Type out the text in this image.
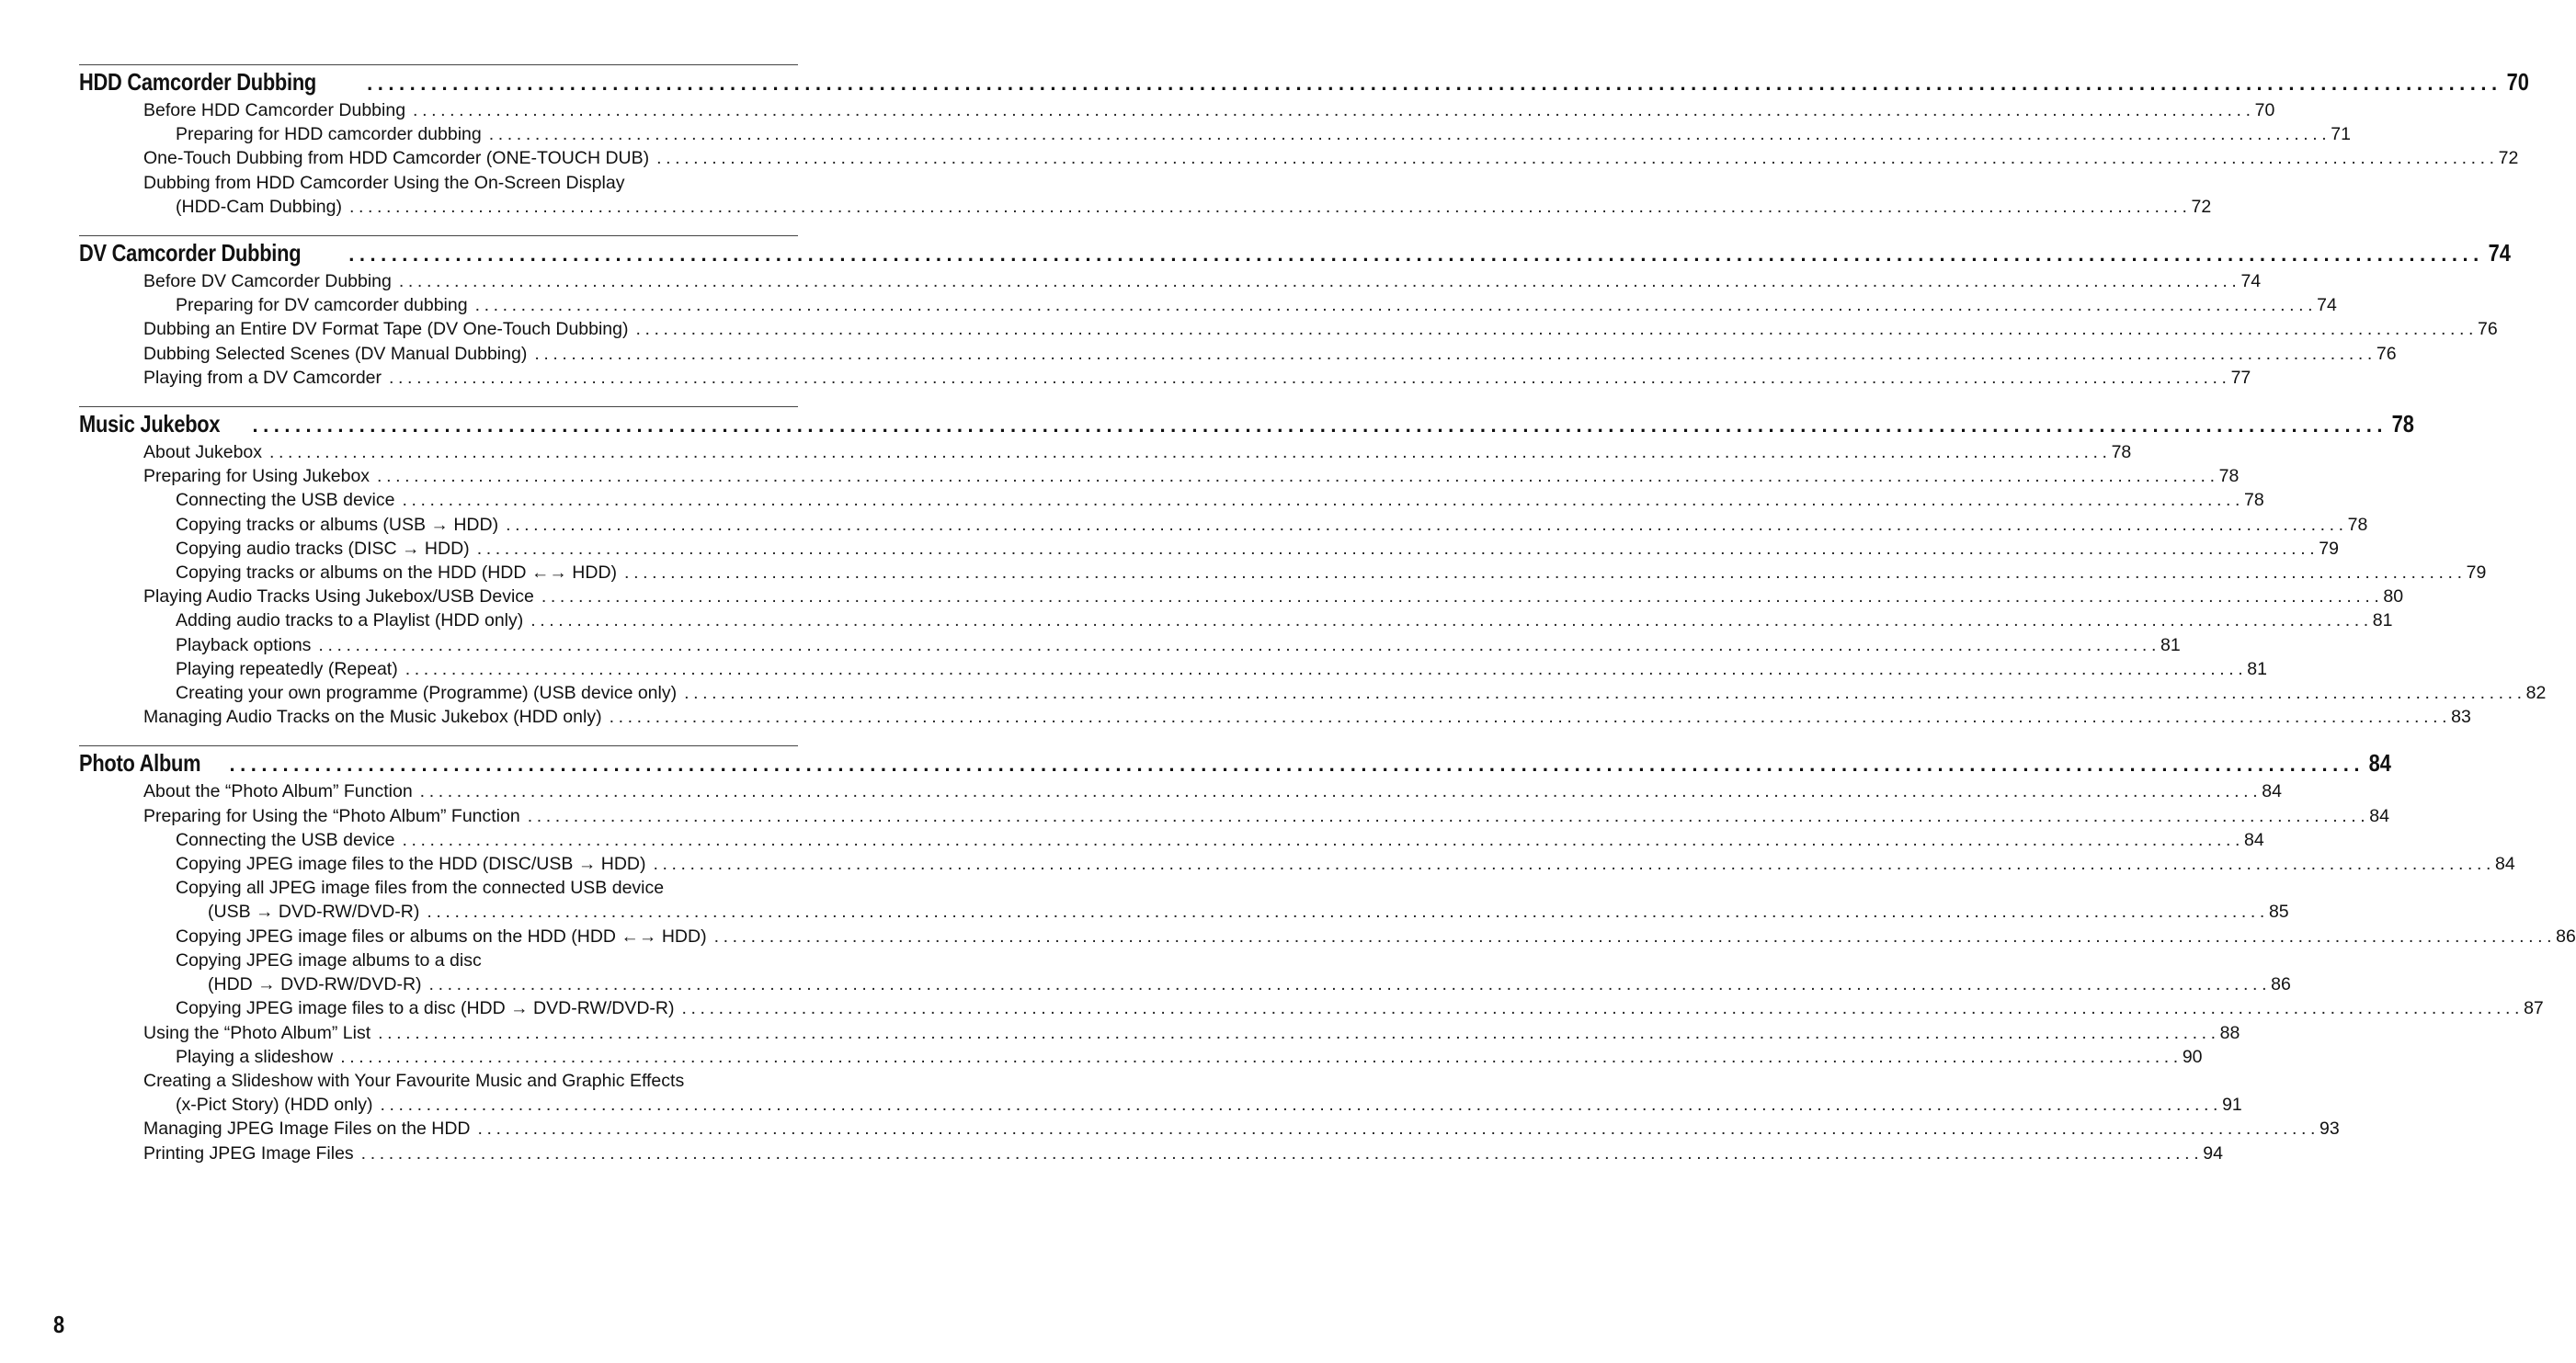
HDD Camcorder Dubbing	........................................................................................................................................................................................................ 70
Before HDD Camcorder Dubbing ........................................................................................................................................................................................................ 70
Preparing for HDD camcorder dubbing ........................................................................................................................................................................................................ 71
One-Touch Dubbing from HDD Camcorder (ONE-TOUCH DUB) ........................................................................................................................................................................................................ 72
Dubbing from HDD Camcorder Using the On-Screen Display
(HDD-Cam Dubbing) ........................................................................................................................................................................................................ 72
DV Camcorder Dubbing	........................................................................................................................................................................................................ 74
Before DV Camcorder Dubbing ........................................................................................................................................................................................................ 74
Preparing for DV camcorder dubbing ........................................................................................................................................................................................................ 74
Dubbing an Entire DV Format Tape (DV One-Touch Dubbing) ........................................................................................................................................................................................................ 76
Dubbing Selected Scenes (DV Manual Dubbing) ........................................................................................................................................................................................................ 76
Playing from a DV Camcorder ........................................................................................................................................................................................................ 77
Music Jukebox	........................................................................................................................................................................................................ 78
About Jukebox ........................................................................................................................................................................................................ 78
Preparing for Using Jukebox ........................................................................................................................................................................................................ 78
Connecting the USB device ........................................................................................................................................................................................................ 78
Copying tracks or albums (USB → HDD) ........................................................................................................................................................................................................ 78
Copying audio tracks (DISC → HDD) ........................................................................................................................................................................................................ 79
Copying tracks or albums on the HDD (HDD ←→ HDD) ........................................................................................................................................................................................................ 79
Playing Audio Tracks Using Jukebox/USB Device ........................................................................................................................................................................................................ 80
Adding audio tracks to a Playlist (HDD only) ........................................................................................................................................................................................................ 81
Playback options ........................................................................................................................................................................................................ 81
Playing repeatedly (Repeat) ........................................................................................................................................................................................................ 81
Creating your own programme (Programme) (USB device only) ........................................................................................................................................................................................................ 82
Managing Audio Tracks on the Music Jukebox (HDD only) ........................................................................................................................................................................................................ 83
Photo Album	........................................................................................................................................................................................................ 84
About the “Photo Album” Function ........................................................................................................................................................................................................ 84
Preparing for Using the “Photo Album” Function ........................................................................................................................................................................................................ 84
Connecting the USB device ........................................................................................................................................................................................................ 84
Copying JPEG image files to the HDD (DISC/USB → HDD) ........................................................................................................................................................................................................ 84
Copying all JPEG image files from the connected USB device
(USB → DVD-RW/DVD-R) ........................................................................................................................................................................................................ 85
Copying JPEG image files or albums on the HDD (HDD ←→ HDD) ........................................................................................................................................................................................................ 86
Copying JPEG image albums to a disc
(HDD → DVD-RW/DVD-R) ........................................................................................................................................................................................................ 86
Copying JPEG image files to a disc (HDD → DVD-RW/DVD-R) ........................................................................................................................................................................................................ 87
Using the “Photo Album” List ........................................................................................................................................................................................................ 88
Playing a slideshow ........................................................................................................................................................................................................ 90
Creating a Slideshow with Your Favourite Music and Graphic Effects
(x-Pict Story) (HDD only) ........................................................................................................................................................................................................ 91
Managing JPEG Image Files on the HDD ........................................................................................................................................................................................................ 93
Printing JPEG Image Files ........................................................................................................................................................................................................ 94
8
